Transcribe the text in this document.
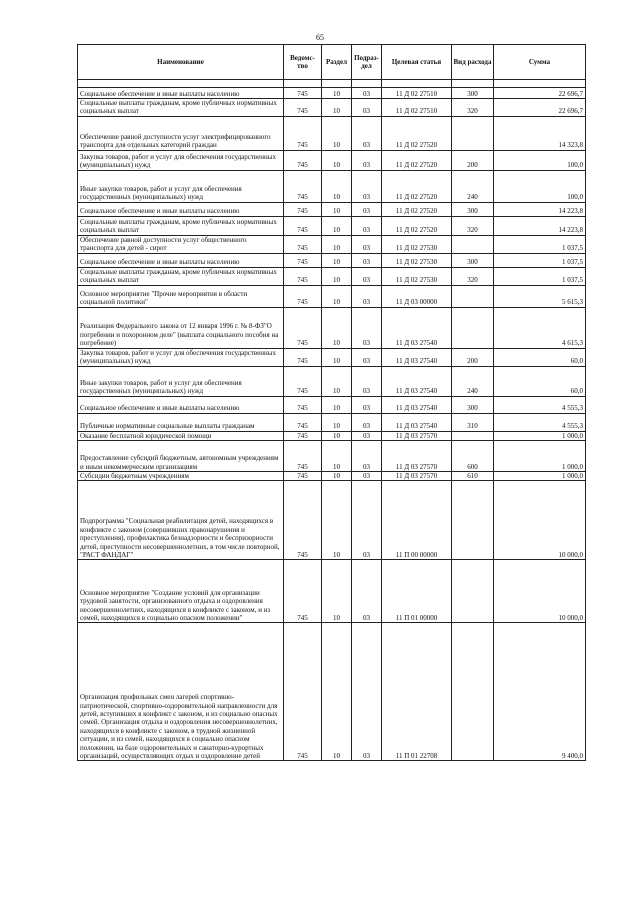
65
Наименование	Ведомс-тво	Раздел	Подраз-дел	Целевая статья	Вид расхода	Сумма

Социальное обеспечение и иные выплаты населению	745	10	03	11 Д 02 27510	300	22 696,7
Социальные выплаты гражданам, кроме публичных нормативных социальных выплат	745	10	03	11 Д 02 27510	320	22 696,7
Обеспечение равной доступности услуг электрифицированного транспорта для отдельных категорий граждан	745	10	03	11 Д 02 27520		14 323,8
Закупка товаров, работ и услуг для обеспечения государственных (муниципальных) нужд	745	10	03	11 Д 02 27520	200	100,0
Иные закупки товаров, работ и услуг для обеспечения государственных (муниципальных) нужд	745	10	03	11 Д 02 27520	240	100,0
Социальное обеспечение и иные выплаты населению	745	10	03	11 Д 02 27520	300	14 223,8
Социальные выплаты гражданам, кроме публичных нормативных социальных выплат	745	10	03	11 Д 02 27520	320	14 223,8
Обеспечение равной доступности услуг общественного транспорта для детей - сирот	745	10	03	11 Д 02 27530		1 037,5
Социальное обеспечение и иные выплаты населению	745	10	03	11 Д 02 27530	300	1 037,5
Социальные выплаты гражданам, кроме публичных нормативных социальных выплат	745	10	03	11 Д 02 27530	320	1 037,5
Основное мероприятие "Прочие мероприятия в области социальной политики"	745	10	03	11 Д 03 00000		5 615,3
Реализация Федерального закона от 12 января 1996 г. № 8-ФЗ"О погребении и похоронном деле" (выплата социального пособия на погребение)	745	10	03	11 Д 03 27540		4 615,3
Закупка товаров, работ и услуг для обеспечения государственных (муниципальных) нужд	745	10	03	11 Д 03 27540	200	60,0
Иные закупки товаров, работ и услуг для обеспечения государственных (муниципальных) нужд	745	10	03	11 Д 03 27540	240	60,0
Социальное обеспечение и иные выплаты населению	745	10	03	11 Д 03 27540	300	4 555,3
Публичные нормативные социальные выплаты гражданам	745	10	03	11 Д 03 27540	310	4 555,3
Оказание бесплатной юридической помощи	745	10	03	11 Д 03 27570		1 000,0
Предоставление субсидий бюджетным, автономным учреждениям и иным некоммерческим организациям	745	10	03	11 Д 03 27570	600	1 000,0
Субсидии бюджетным учреждениям	745	10	03	11 Д 03 27570	610	1 000,0
Подпрограмма "Социальная реабилитация детей, находящихся в конфликте с законом (совершивших правонарушения и преступления), профилактика безнадзорности и беспризорности детей, преступности несовершеннолетних, в том числе повторной, "РАСТ ФАНДАГ"	745	10	03	11 П 00 00000		10 000,0
Основное мероприятие "Создание условий для организации трудовой занятости, организованного отдыха и оздоровления несовершеннолетних, находящихся в конфликте с законом, и из семей, находящихся в социально опасном положении"	745	10	03	11 П 01 00000		10 000,0
Организация профильных смен лагерей спортивно-патриотической, спортивно-оздоровительной направленности для детей, вступивших в конфликт с законом, и из социально опасных семей. Организация отдыха и оздоровления несовершеннолетних, находящихся в конфликте с законом, в трудной жизненной ситуации, и из семей, находящихся в социально опасном положении, на базе оздоровительных и санаторно-курортных организаций, осуществляющих отдых и оздоровление детей	745	10	03	11 П 01 22708		9 400,0
